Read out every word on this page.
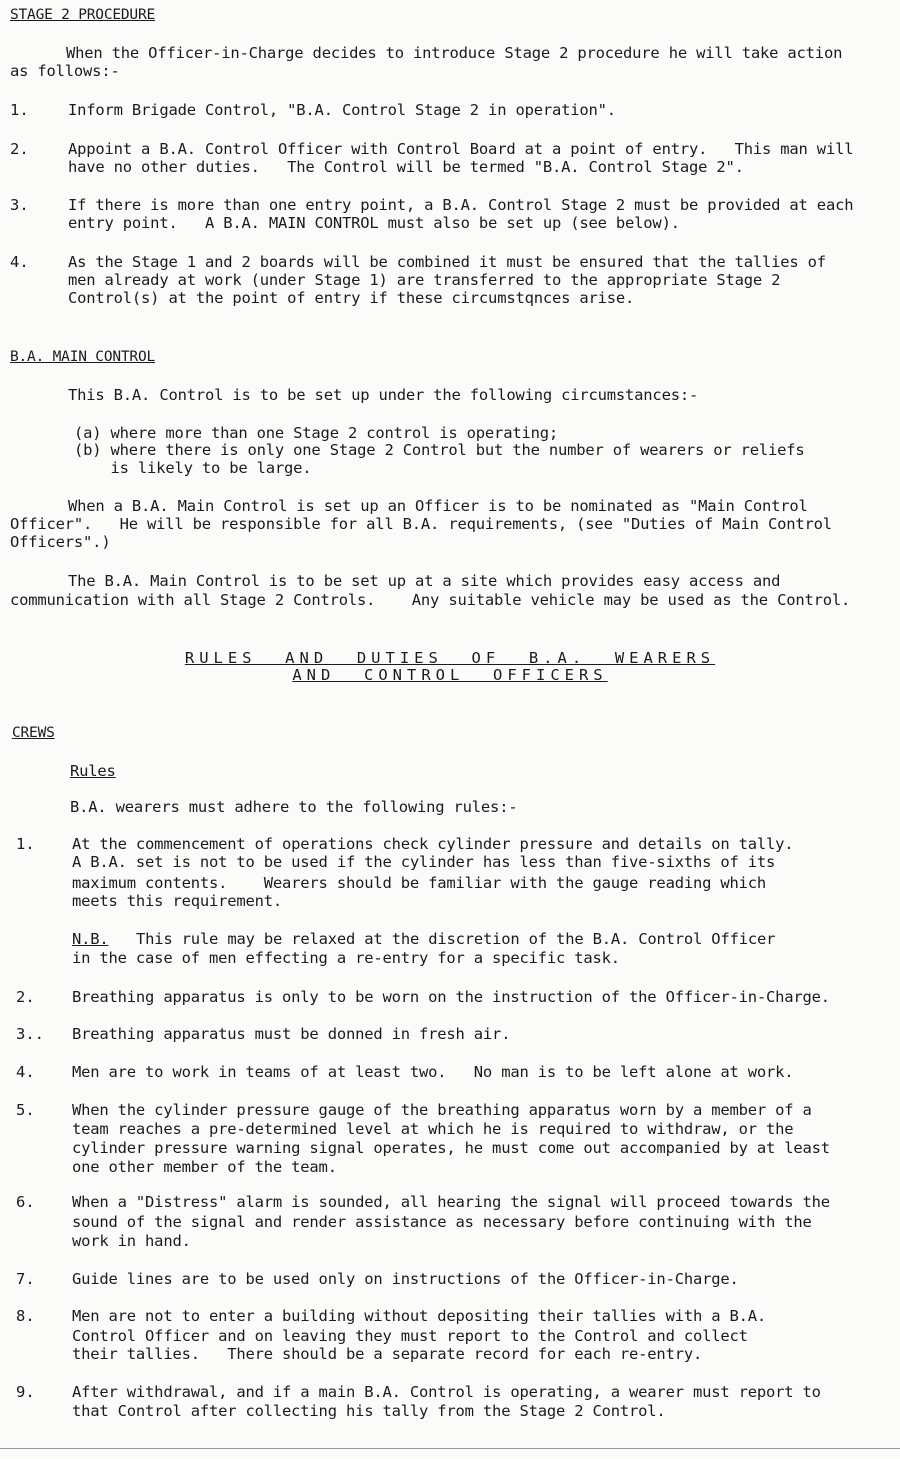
STAGE 2 PROCEDURE
When the Officer-in-Charge decides to introduce Stage 2 procedure he will take action
as follows:-
1.	Inform Brigade Control, "B.A. Control Stage 2 in operation".
2.	Appoint a B.A. Control Officer with Control Board at a point of entry.   This man will
have no other duties.   The Control will be termed "B.A. Control Stage 2".
3.	If there is more than one entry point, a B.A. Control Stage 2 must be provided at each
entry point.   A B.A. MAIN CONTROL must also be set up (see below).
4.	As the Stage 1 and 2 boards will be combined it must be ensured that the tallies of
men already at work (under Stage 1) are transferred to the appropriate Stage 2
Control(s) at the point of entry if these circumstqnces arise.
B.A. MAIN CONTROL
This B.A. Control is to be set up under the following circumstances:-
(a) where more than one Stage 2 control is operating;
(b) where there is only one Stage 2 Control but the number of wearers or reliefs
is likely to be large.
When a B.A. Main Control is set up an Officer is to be nominated as "Main Control
Officer".   He will be responsible for all B.A. requirements, (see "Duties of Main Control
Officers".)
The B.A. Main Control is to be set up at a site which provides easy access and
communication with all Stage 2 Controls.    Any suitable vehicle may be used as the Control.
RULES  AND  DUTIES  OF  B.A.  WEARERS
AND  CONTROL  OFFICERS
CREWS
Rules
B.A. wearers must adhere to the following rules:-
1. At the commencement of operations check cylinder pressure and details on tally.
A B.A. set is not to be used if the cylinder has less than five-sixths of its
maximum contents.    Wearers should be familiar with the gauge reading which
meets this requirement.
N.B. This rule may be relaxed at the discretion of the B.A. Control Officer
in the case of men effecting a re-entry for a specific task.
2. Breathing apparatus is only to be worn on the instruction of the Officer-in-Charge.
3.. Breathing apparatus must be donned in fresh air.
4. Men are to work in teams of at least two.   No man is to be left alone at work.
5. When the cylinder pressure gauge of the breathing apparatus worn by a member of a
team reaches a pre-determined level at which he is required to withdraw, or the
cylinder pressure warning signal operates, he must come out accompanied by at least
one other member of the team.
6. When a "Distress" alarm is sounded, all hearing the signal will proceed towards the
sound of the signal and render assistance as necessary before continuing with the
work in hand.
7. Guide lines are to be used only on instructions of the Officer-in-Charge.
8. Men are not to enter a building without depositing their tallies with a B.A.
Control Officer and on leaving they must report to the Control and collect
their tallies.   There should be a separate record for each re-entry.
9. After withdrawal, and if a main B.A. Control is operating, a wearer must report to
that Control after collecting his tally from the Stage 2 Control.
